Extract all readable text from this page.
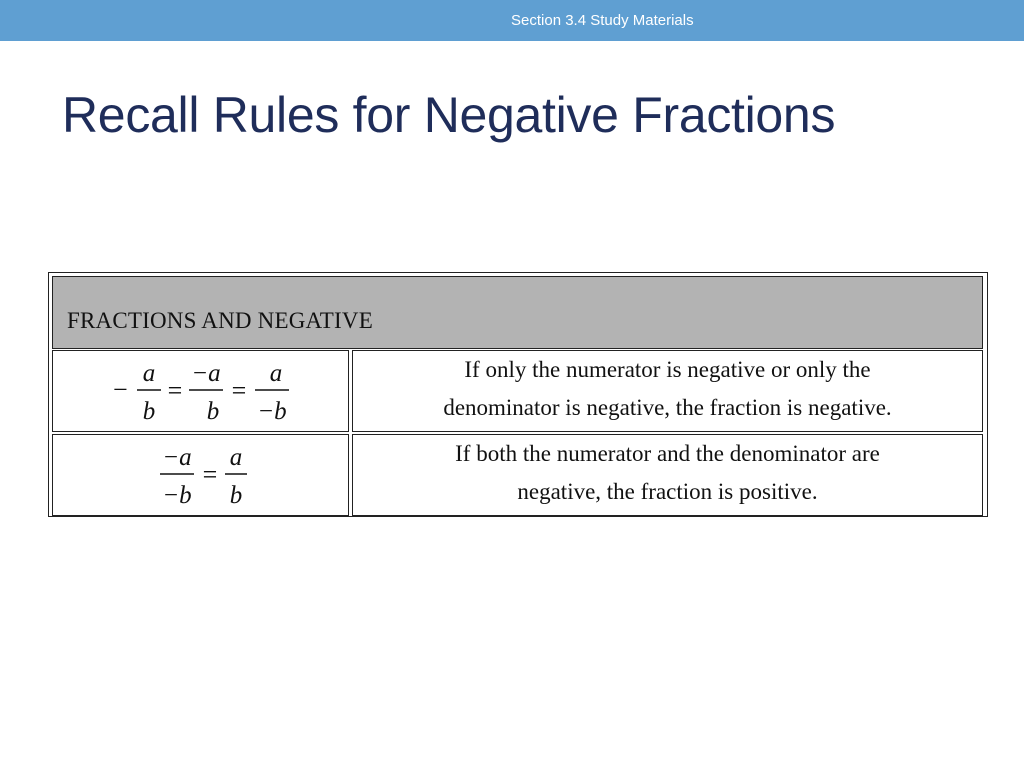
Section 3.4 Study Materials
Recall Rules for Negative Fractions
FRACTIONS AND NEGATIVE
−
a
b
=
−a
b
=
a
−b
If only the numerator is negative or only the
denominator is negative, the fraction is negative.
−a
−b
=
a
b
If both the numerator and the denominator are
negative, the fraction is positive.
